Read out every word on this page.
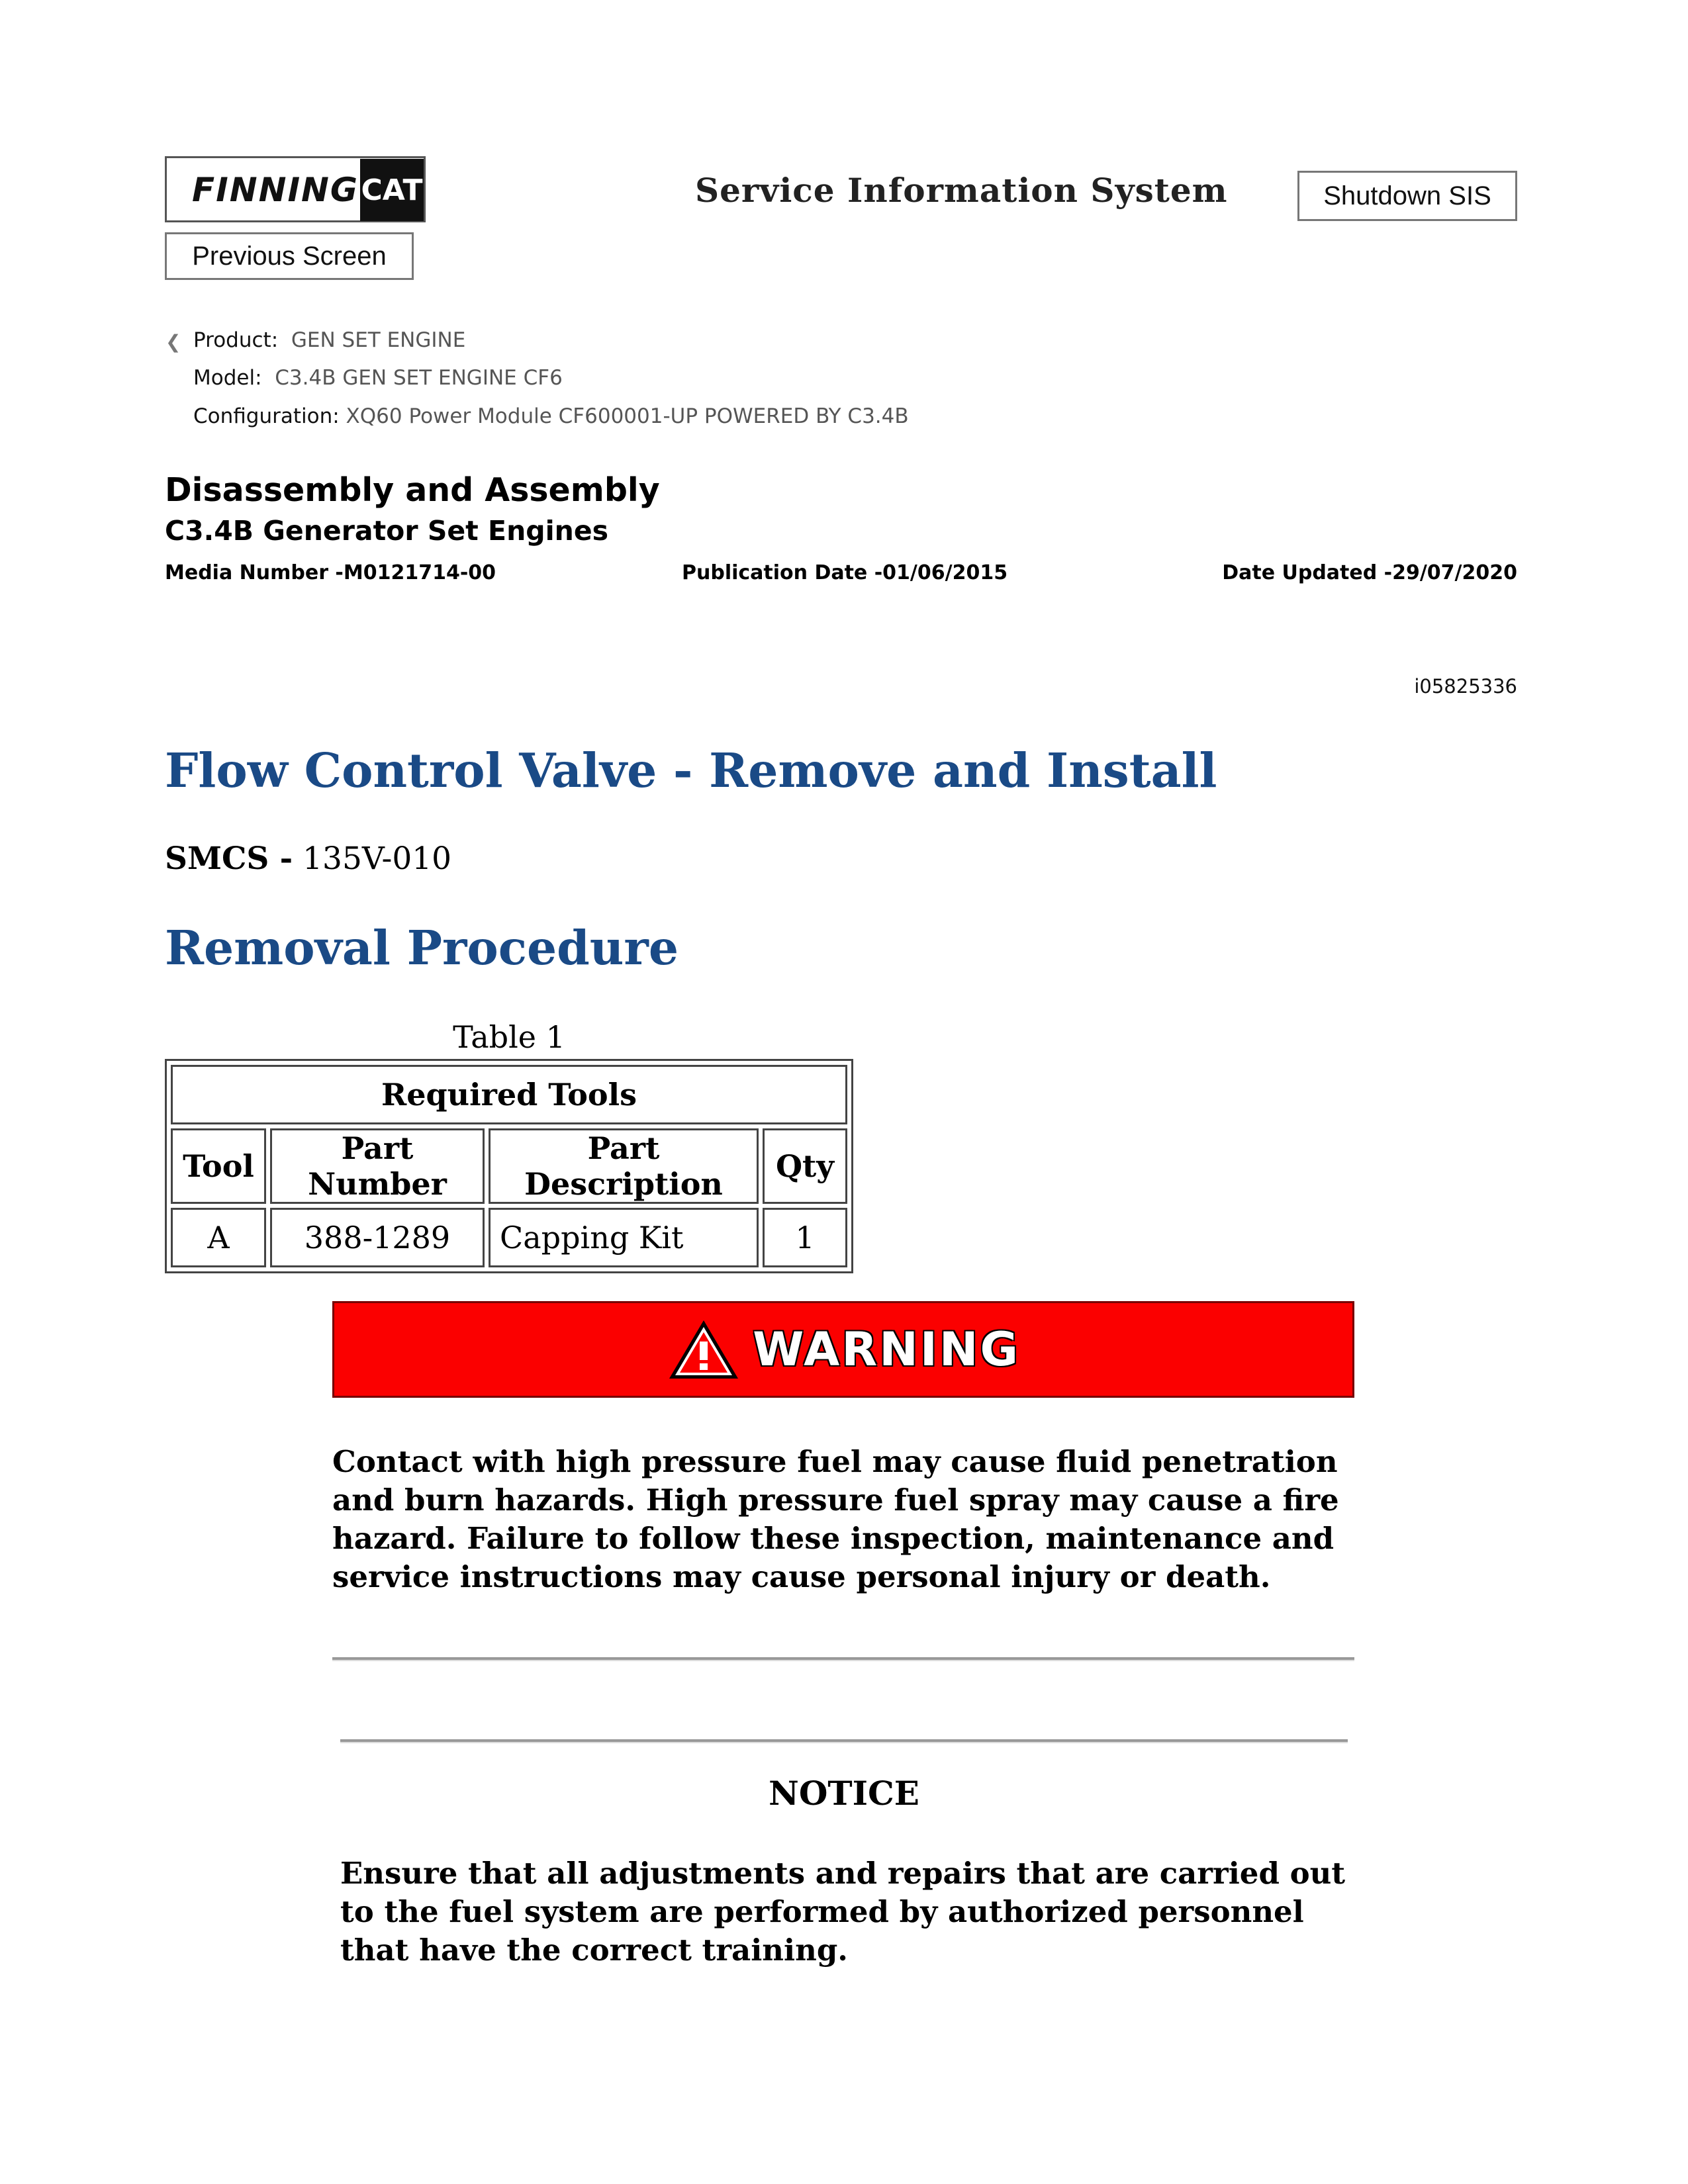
FINNING CAT	Service Information System	Shutdown SIS
Previous Screen
❮ Product: GEN SET ENGINE
Model: C3.4B GEN SET ENGINE CF6
Configuration: XQ60 Power Module CF600001-UP POWERED BY C3.4B
Disassembly and Assembly
C3.4B Generator Set Engines
Media Number -M0121714-00	Publication Date -01/06/2015	Date Updated -29/07/2020
i05825336
Flow Control Valve - Remove and Install
SMCS - 135V-010
Removal Procedure
Table 1
Required Tools			
Tool	Part Number	Part Description	Qty
A	388-1289	Capping Kit	1
WARNING
Contact with high pressure fuel may cause fluid penetration and burn hazards. High pressure fuel spray may cause a fire hazard. Failure to follow these inspection, maintenance and service instructions may cause personal injury or death.
NOTICE
Ensure that all adjustments and repairs that are carried out to the fuel system are performed by authorized personnel that have the correct training.
